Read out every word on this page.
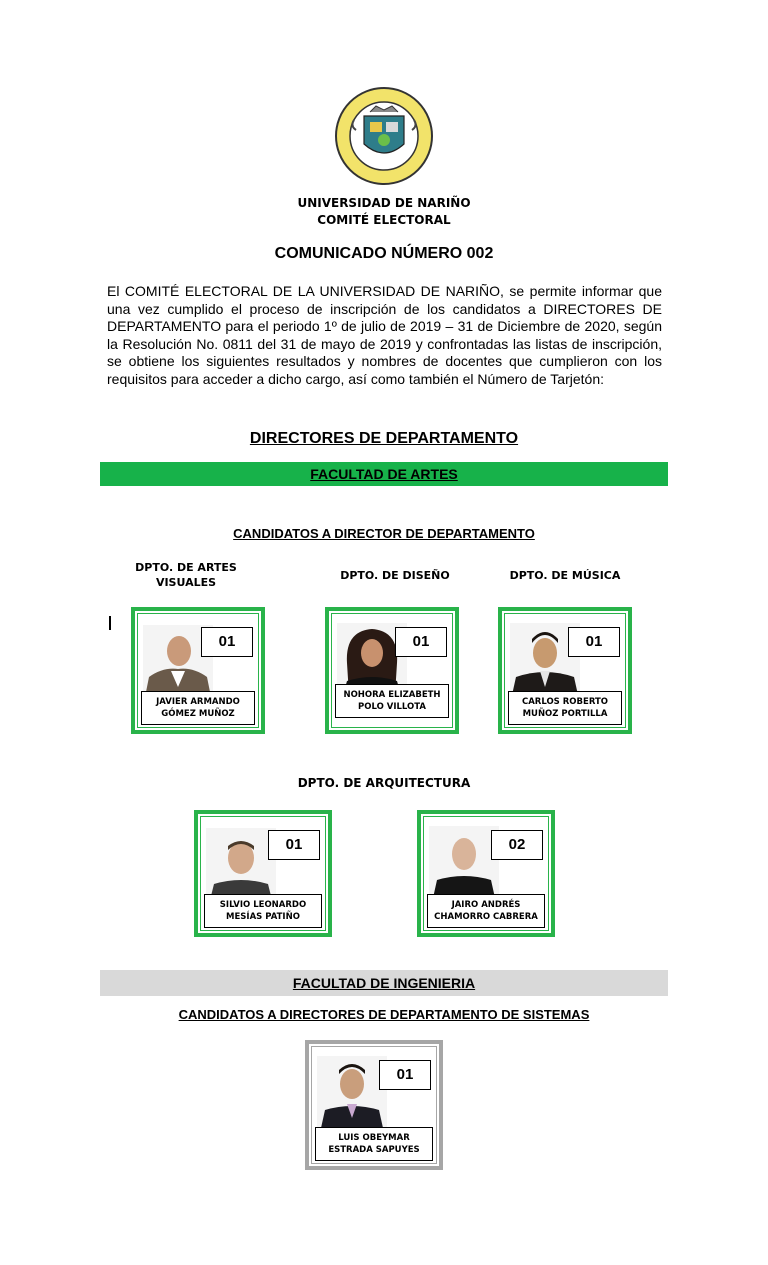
UNIVERSIDAD DE NARIÑO
COMITÉ ELECTORAL
COMUNICADO NÚMERO 002
El COMITÉ ELECTORAL DE LA UNIVERSIDAD DE NARIÑO, se permite informar que una vez cumplido el proceso de inscripción de los candidatos a DIRECTORES DE DEPARTAMENTO para el periodo 1º de julio de 2019 – 31 de Diciembre de 2020, según la Resolución No. 0811 del 31 de mayo de 2019 y confrontadas las listas de inscripción, se obtiene los siguientes resultados y nombres de docentes que cumplieron con los requisitos para acceder a dicho cargo, así como también el Número de Tarjetón:
DIRECTORES DE DEPARTAMENTO
FACULTAD DE ARTES
CANDIDATOS A DIRECTOR DE DEPARTAMENTO
DPTO. DE ARTES
VISUALES
DPTO. DE DISEÑO	DPTO. DE MÚSICA
01
JAVIER ARMANDO
GÓMEZ MUÑOZ
01
NOHORA ELIZABETH
POLO VILLOTA
01
CARLOS ROBERTO
MUÑOZ PORTILLA
DPTO. DE ARQUITECTURA
01
SILVIO LEONARDO
MESÍAS PATIÑO
02
JAIRO ANDRÉS
CHAMORRO CABRERA
FACULTAD DE INGENIERIA
CANDIDATOS A DIRECTORES DE DEPARTAMENTO DE SISTEMAS
01
LUIS OBEYMAR
ESTRADA SAPUYES
